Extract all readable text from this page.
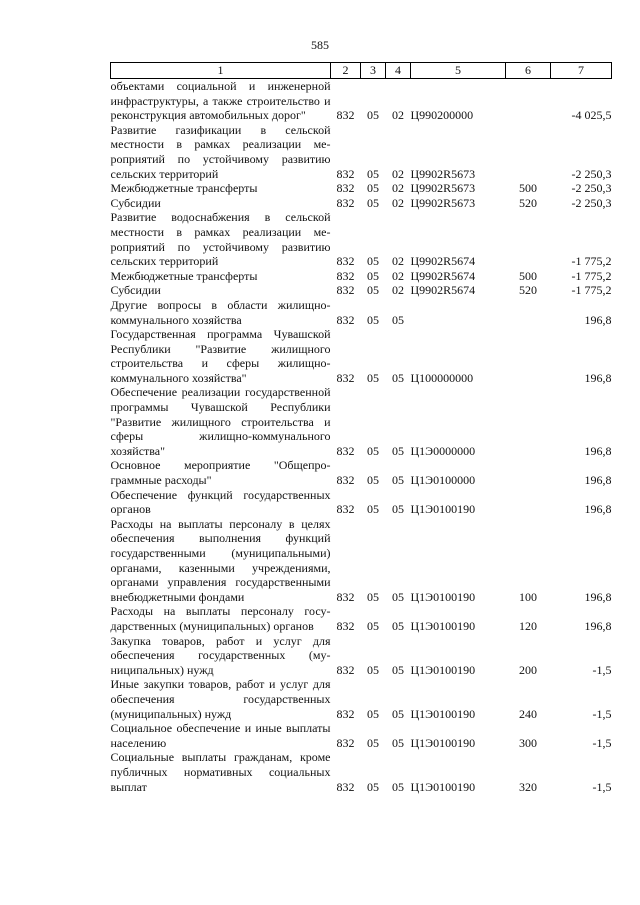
585
1	2	3	4	5	6	7
объектами социальной и инженерной инфраструктуры, а также строительство и реконструкция автомобильных дорог"	832	05	02	Ц990200000		-4 025,5
Развитие газификации в сельской местности в рамках реализации мероприятий по устойчивому развитию сельских территорий	832	05	02	Ц9902R5673		-2 250,3
Межбюджетные трансферты	832	05	02	Ц9902R5673	500	-2 250,3
Субсидии	832	05	02	Ц9902R5673	520	-2 250,3
Развитие водоснабжения в сельской местности в рамках реализации мероприятий по устойчивому развитию сельских территорий	832	05	02	Ц9902R5674		-1 775,2
Межбюджетные трансферты	832	05	02	Ц9902R5674	500	-1 775,2
Субсидии	832	05	02	Ц9902R5674	520	-1 775,2
Другие вопросы в области жилищно-коммунального хозяйства	832	05	05			196,8
Государственная программа Чувашской Республики "Развитие жилищного строительства и сферы жилищно-коммунального хозяйства"	832	05	05	Ц100000000		196,8
Обеспечение реализации государственной программы Чувашской Республики "Развитие жилищного строительства и сферы жилищно-коммунального хозяйства"	832	05	05	Ц1Э0000000		196,8
Основное мероприятие "Общепрограммные расходы"	832	05	05	Ц1Э0100000		196,8
Обеспечение функций государственных органов	832	05	05	Ц1Э0100190		196,8
Расходы на выплаты персоналу в целях обеспечения выполнения функций государственными (муниципальными) органами, казенными учреждениями, органами управления государственными внебюджетными фондами	832	05	05	Ц1Э0100190	100	196,8
Расходы на выплаты персоналу государственных (муниципальных) органов	832	05	05	Ц1Э0100190	120	196,8
Закупка товаров, работ и услуг для обеспечения государственных (муниципальных) нужд	832	05	05	Ц1Э0100190	200	-1,5
Иные закупки товаров, работ и услуг для обеспечения государственных (муниципальных) нужд	832	05	05	Ц1Э0100190	240	-1,5
Социальное обеспечение и иные выплаты населению	832	05	05	Ц1Э0100190	300	-1,5
Социальные выплаты гражданам, кроме публичных нормативных социальных выплат	832	05	05	Ц1Э0100190	320	-1,5
